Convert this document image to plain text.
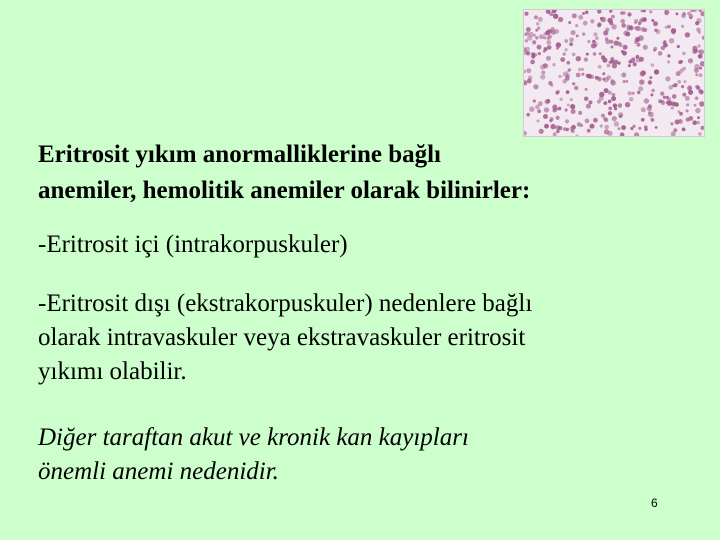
Eritrosit yıkım anormalliklerine bağlı
anemiler, hemolitik anemiler olarak bilinirler:
-Eritrosit içi (intrakorpuskuler)
-Eritrosit dışı (ekstrakorpuskuler) nedenlere bağlı
olarak intravaskuler veya ekstravaskuler eritrosit
yıkımı olabilir.
Diğer taraftan akut ve kronik kan kayıpları
önemli anemi nedenidir.
6
